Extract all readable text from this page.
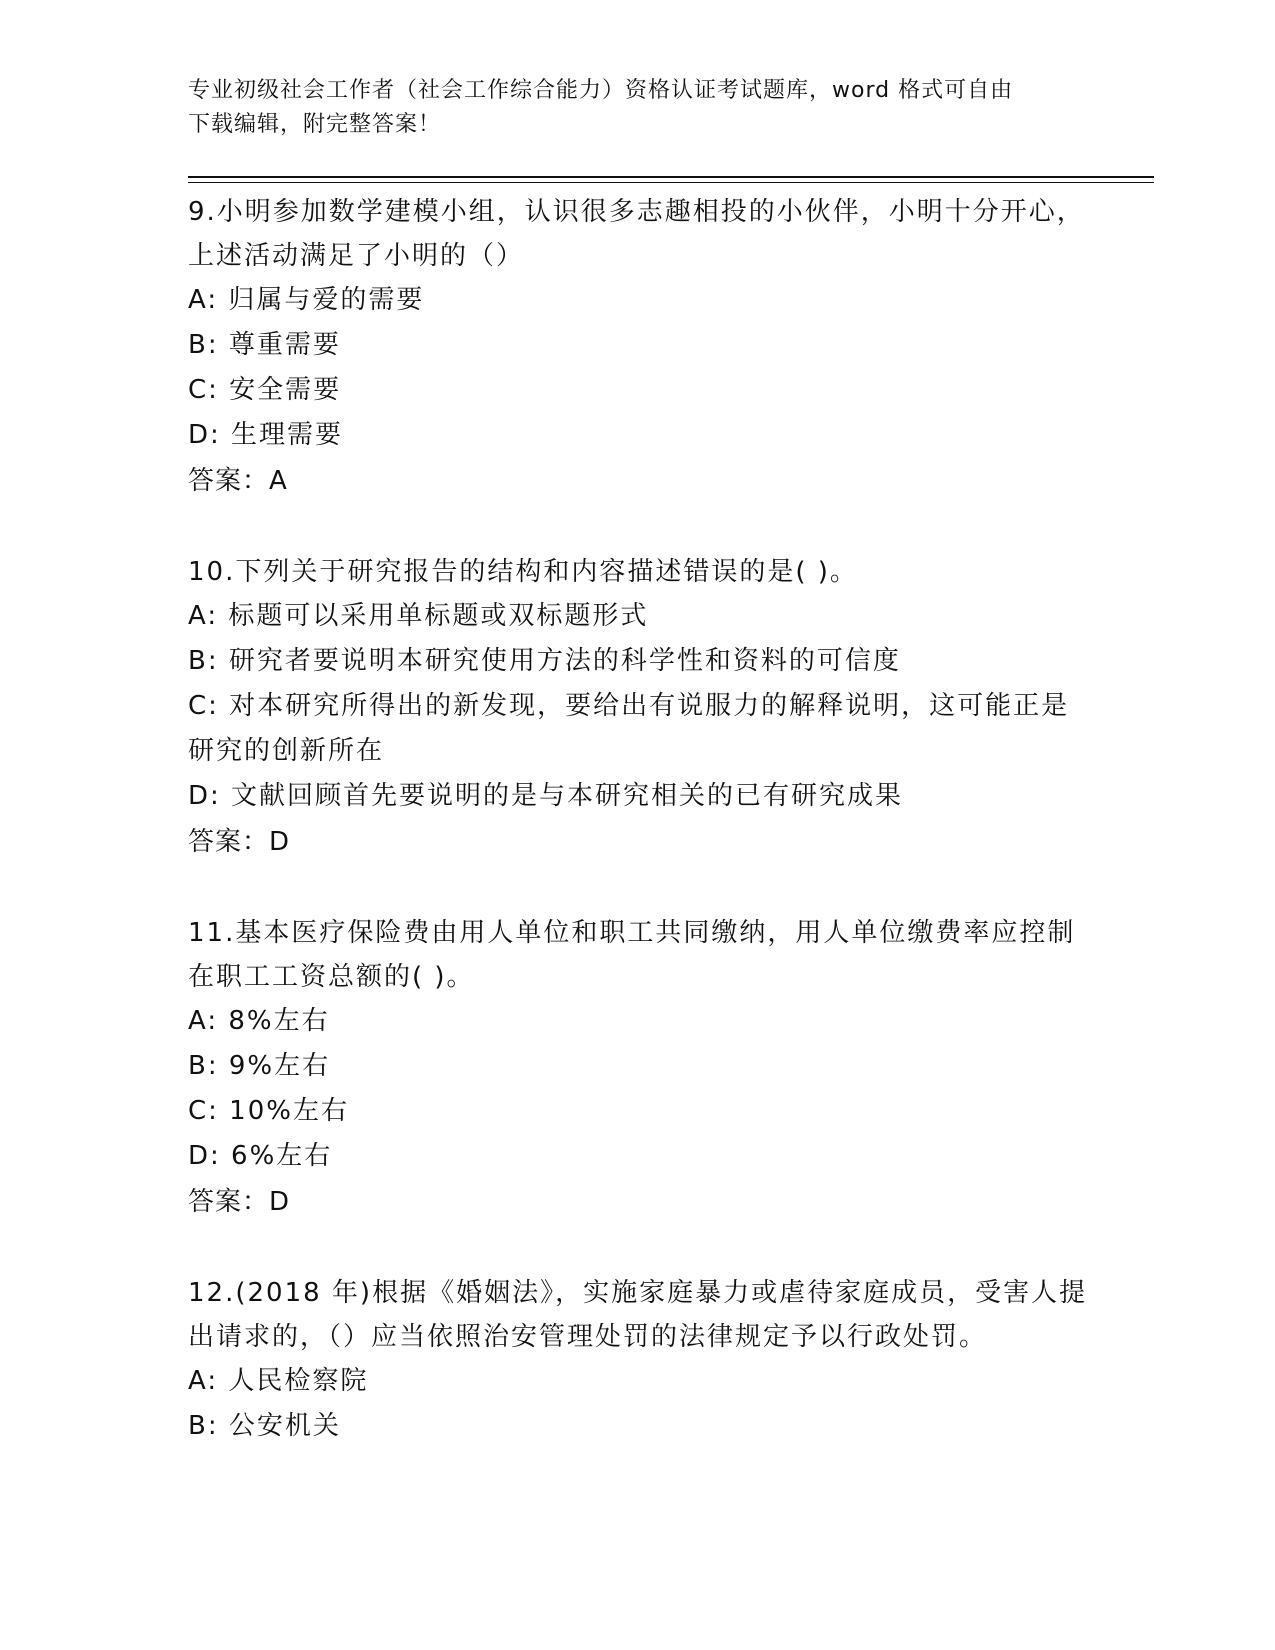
专业初级社会工作者（社会工作综合能力）资格认证考试题库，word 格式可自由
下载编辑，附完整答案！
9.小明参加数学建模小组，认识很多志趣相投的小伙伴，小明十分开心，上述活动满足了小明的（）
A: 归属与爱的需要
B: 尊重需要
C: 安全需要
D: 生理需要
答案：A
10.下列关于研究报告的结构和内容描述错误的是( )。
A: 标题可以采用单标题或双标题形式
B: 研究者要说明本研究使用方法的科学性和资料的可信度
C: 对本研究所得出的新发现，要给出有说服力的解释说明，这可能正是研究的创新所在
D: 文献回顾首先要说明的是与本研究相关的已有研究成果
答案：D
11.基本医疗保险费由用人单位和职工共同缴纳，用人单位缴费率应控制在职工工资总额的( )。
A: 8%左右
B: 9%左右
C: 10%左右
D: 6%左右
答案：D
12.(2018 年)根据《婚姻法》，实施家庭暴力或虐待家庭成员，受害人提出请求的，（）应当依照治安管理处罚的法律规定予以行政处罚。
A: 人民检察院
B: 公安机关
